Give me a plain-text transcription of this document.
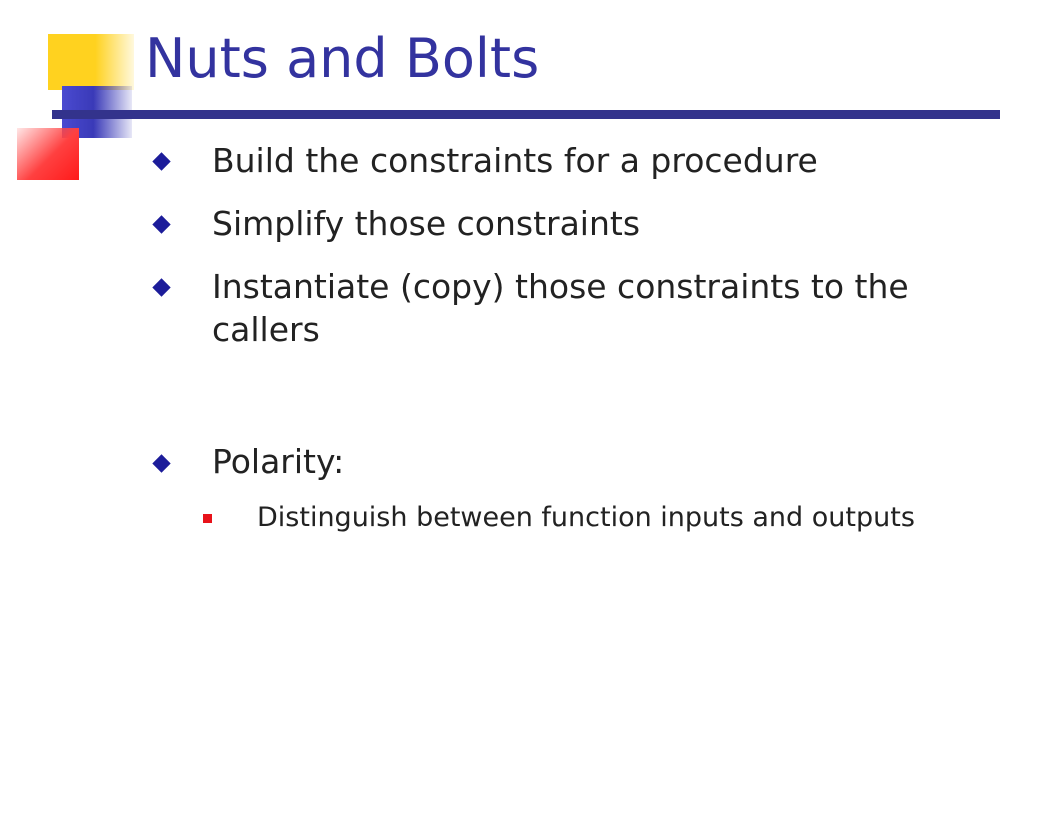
Nuts and Bolts
Build the constraints for a procedure
Simplify those constraints
Instantiate (copy) those constraints to the callers
Polarity:
Distinguish between function inputs and outputs
